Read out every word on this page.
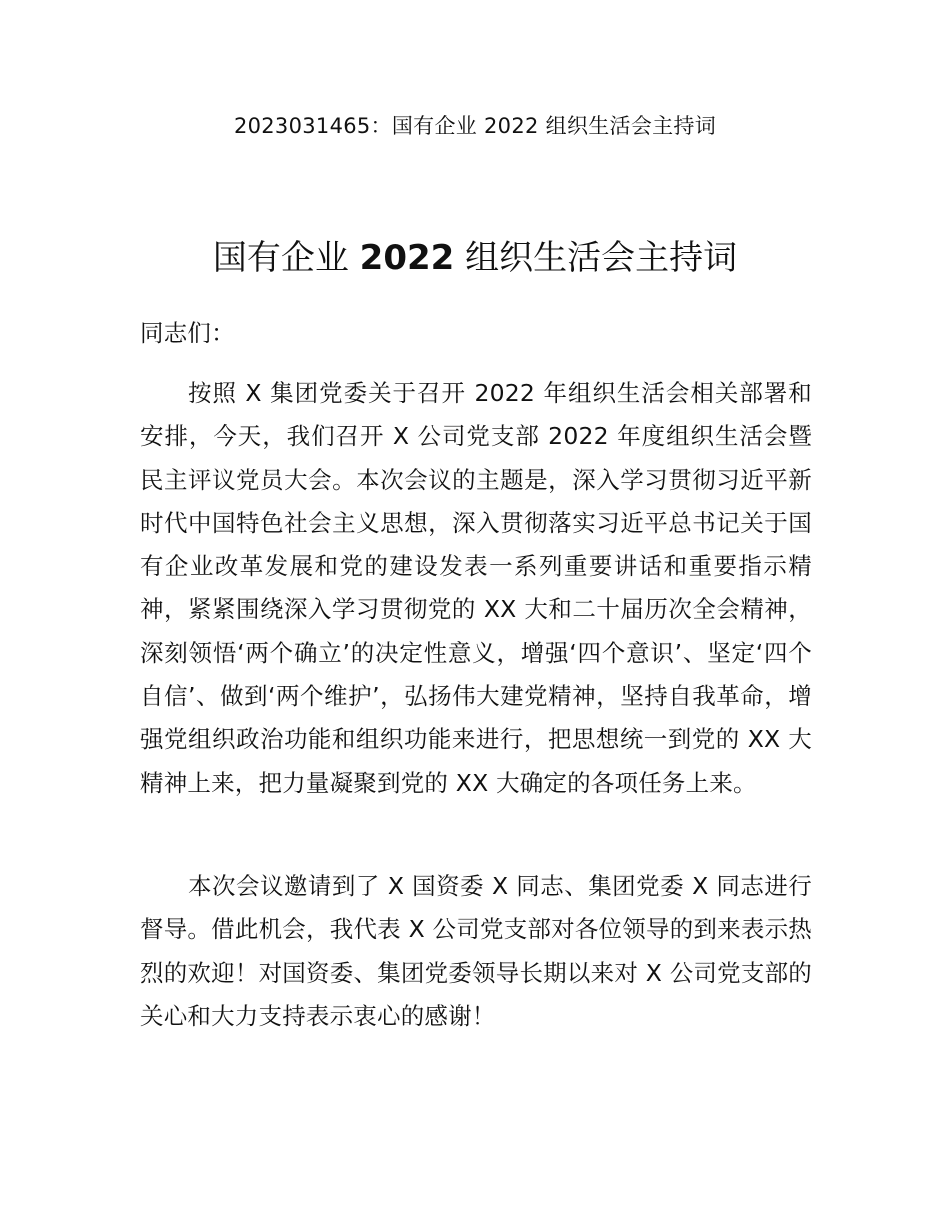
2023031465：国有企业 2022 组织生活会主持词
国有企业 2022 组织生活会主持词
同志们：

按照 X 集团党委关于召开 2022 年组织生活会相关部署和安排，今天，我们召开 X 公司党支部 2022 年度组织生活会暨民主评议党员大会。本次会议的主题是，深入学习贯彻习近平新时代中国特色社会主义思想，深入贯彻落实习近平总书记关于国有企业改革发展和党的建设发表一系列重要讲话和重要指示精神，紧紧围绕深入学习贯彻党的 XX 大和二十届历次全会精神，深刻领悟‘两个确立’的决定性意义，增强‘四个意识’、坚定‘四个自信’、做到‘两个维护’，弘扬伟大建党精神，坚持自我革命，增强党组织政治功能和组织功能来进行，把思想统一到党的 XX 大精神上来，把力量凝聚到党的 XX 大确定的各项任务上来。

本次会议邀请到了 X 国资委 X 同志、集团党委 X 同志进行督导。借此机会，我代表 X 公司党支部对各位领导的到来表示热烈的欢迎！对国资委、集团党委领导长期以来对 X 公司党支部的关心和大力支持表示衷心的感谢！
